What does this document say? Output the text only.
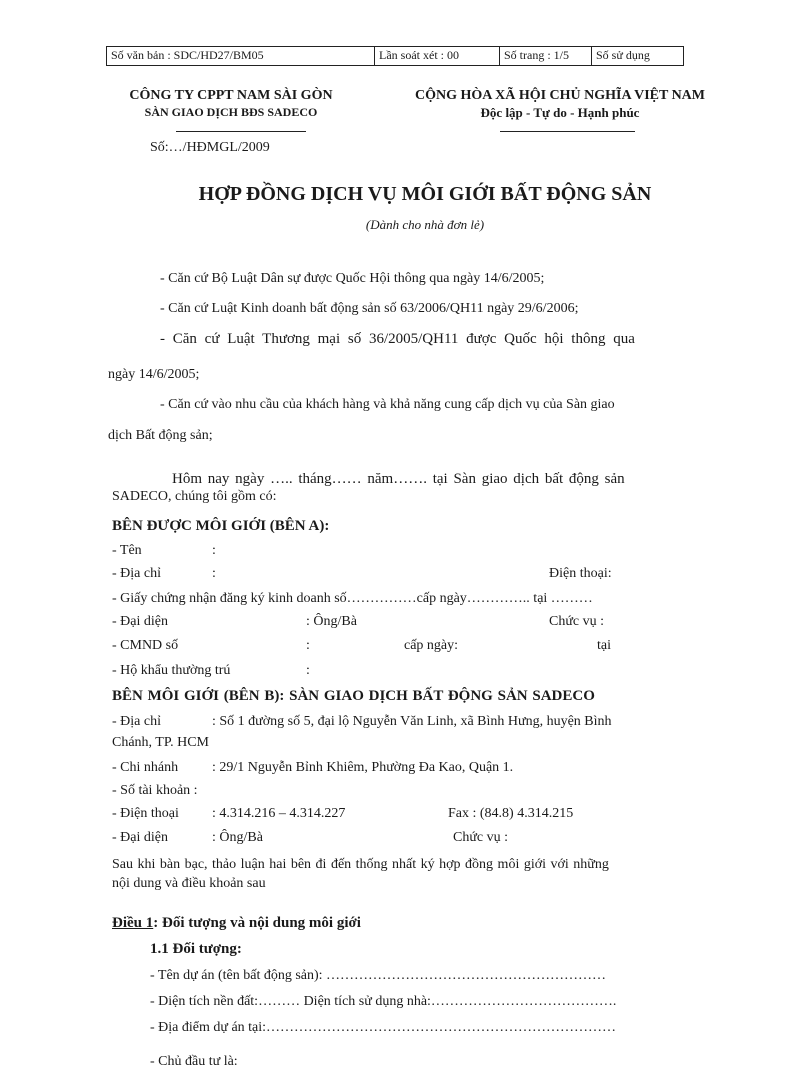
Số văn bản : SDC/HD27/BM05	Lần soát xét : 00	Số trang : 1/5	Số sử dụng
CÔNG TY CPPT NAM SÀI GÒN
SÀN GIAO DỊCH BĐS SADECO
CỘNG HÒA XÃ HỘI CHỦ NGHĨA VIỆT NAM
Độc lập - Tự do - Hạnh phúc
Số:…/HĐMGL/2009
HỢP ĐỒNG DỊCH VỤ MÔI GIỚI BẤT ĐỘNG SẢN
(Dành cho nhà đơn lẻ)
- Căn cứ Bộ Luật Dân sự được Quốc Hội thông qua ngày 14/6/2005;
- Căn cứ Luật Kinh doanh bất động sản số 63/2006/QH11 ngày 29/6/2006;
- Căn cứ Luật Thương mại số 36/2005/QH11 được Quốc hội thông qua
ngày 14/6/2005;
- Căn cứ vào nhu cầu của khách hàng và khả năng cung cấp dịch vụ của Sàn giao
dịch Bất động sản;
Hôm nay ngày ….. tháng…… năm……. tại Sàn giao dịch bất động sản
SADECO, chúng tôi gồm có:
BÊN ĐƯỢC MÔI GIỚI (BÊN A):
- Tên	:
- Địa chỉ	:	Điện thoại:
- Giấy chứng nhận đăng ký kinh doanh số……………cấp ngày………….. tại ………
- Đại diện	: Ông/Bà	Chức vụ :
- CMND số	:	cấp ngày:	tại
- Hộ khẩu thường trú	:
BÊN MÔI GIỚI (BÊN B): SÀN GIAO DỊCH BẤT ĐỘNG SẢN SADECO
- Địa chỉ	: Số 1 đường số 5, đại lộ Nguyễn Văn Linh, xã Bình Hưng, huyện Bình
Chánh, TP. HCM
- Chi nhánh : 29/1 Nguyễn Bỉnh Khiêm, Phường Đa Kao, Quận 1.
- Số tài khoản :
- Điện thoại : 4.314.216 – 4.314.227	Fax : (84.8) 4.314.215
- Đại diện	: Ông/Bà	Chức vụ :
Sau khi bàn bạc, thảo luận hai bên đi đến thống nhất ký hợp đồng môi giới với những
nội dung và điều khoản sau
Điều 1: Đối tượng và nội dung môi giới
1.1 Đối tượng:
- Tên dự án (tên bất động sản): ……………………………………………………
- Diện tích nền đất:……… Diện tích sử dụng nhà:………………………………….
- Địa điểm dự án tại:…………………………………………………………………
- Chủ đầu tư là:
